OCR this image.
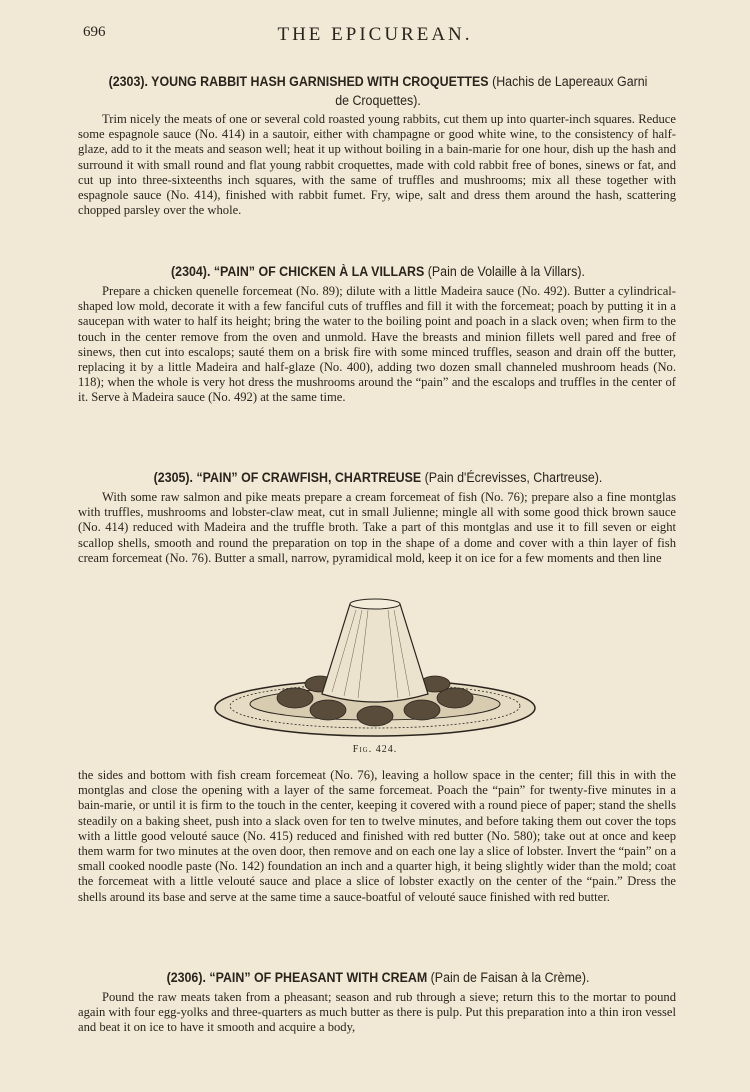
696	THE EPICUREAN.
(2303). YOUNG RABBIT HASH GARNISHED WITH CROQUETTES (Hachis de Lapereaux Garni de Croquettes).

Trim nicely the meats of one or several cold roasted young rabbits, cut them up into quarter-inch squares. Reduce some espagnole sauce (No. 414) in a sautoir, either with champagne or good white wine, to the consistency of half-glaze, add to it the meats and season well; heat it up without boiling in a bain-marie for one hour, dish up the hash and surround it with small round and flat young rabbit croquettes, made with cold rabbit free of bones, sinews or fat, and cut up into three-sixteenths inch squares, with the same of truffles and mushrooms; mix all these together with espagnole sauce (No. 414), finished with rabbit fumet. Fry, wipe, salt and dress them around the hash, scattering chopped parsley over the whole.

(2304). “PAIN” OF CHICKEN À LA VILLARS (Pain de Volaille à la Villars).

Prepare a chicken quenelle forcemeat (No. 89); dilute with a little Madeira sauce (No. 492). Butter a cylindrical-shaped low mold, decorate it with a few fanciful cuts of truffles and fill it with the forcemeat; poach by putting it in a saucepan with water to half its height; bring the water to the boiling point and poach in a slack oven; when firm to the touch in the center remove from the oven and unmold. Have the breasts and minion fillets well pared and free of sinews, then cut into escalops; sauté them on a brisk fire with some minced truffles, season and drain off the butter, replacing it by a little Madeira and half-glaze (No. 400), adding two dozen small channeled mushroom heads (No. 118); when the whole is very hot dress the mushrooms around the “pain” and the escalops and truffles in the center of it. Serve à Madeira sauce (No. 492) at the same time.

(2305). “PAIN” OF CRAWFISH, CHARTREUSE (Pain d'Écrevisses, Chartreuse).

With some raw salmon and pike meats prepare a cream forcemeat of fish (No. 76); prepare also a fine montglas with truffles, mushrooms and lobster-claw meat, cut in small Julienne; mingle all with some good thick brown sauce (No. 414) reduced with Madeira and the truffle broth. Take a part of this montglas and use it to fill seven or eight scallop shells, smooth and round the preparation on top in the shape of a dome and cover with a thin layer of fish cream forcemeat (No. 76). Butter a small, narrow, pyramidical mold, keep it on ice for a few moments and then line

Fig. 424.

the sides and bottom with fish cream forcemeat (No. 76), leaving a hollow space in the center; fill this in with the montglas and close the opening with a layer of the same forcemeat. Poach the “pain” for twenty-five minutes in a bain-marie, or until it is firm to the touch in the center, keeping it covered with a round piece of paper; stand the shells steadily on a baking sheet, push into a slack oven for ten to twelve minutes, and before taking them out cover the tops with a little good velouté sauce (No. 415) reduced and finished with red butter (No. 580); take out at once and keep them warm for two minutes at the oven door, then remove and on each one lay a slice of lobster. Invert the “pain” on a small cooked noodle paste (No. 142) foundation an inch and a quarter high, it being slightly wider than the mold; coat the forcemeat with a little velouté sauce and place a slice of lobster exactly on the center of the “pain.” Dress the shells around its base and serve at the same time a sauce-boatful of velouté sauce finished with red butter.

(2306). “PAIN” OF PHEASANT WITH CREAM (Pain de Faisan à la Crème).

Pound the raw meats taken from a pheasant; season and rub through a sieve; return this to the mortar to pound again with four egg-yolks and three-quarters as much butter as there is pulp. Put this preparation into a thin iron vessel and beat it on ice to have it smooth and acquire a body,
